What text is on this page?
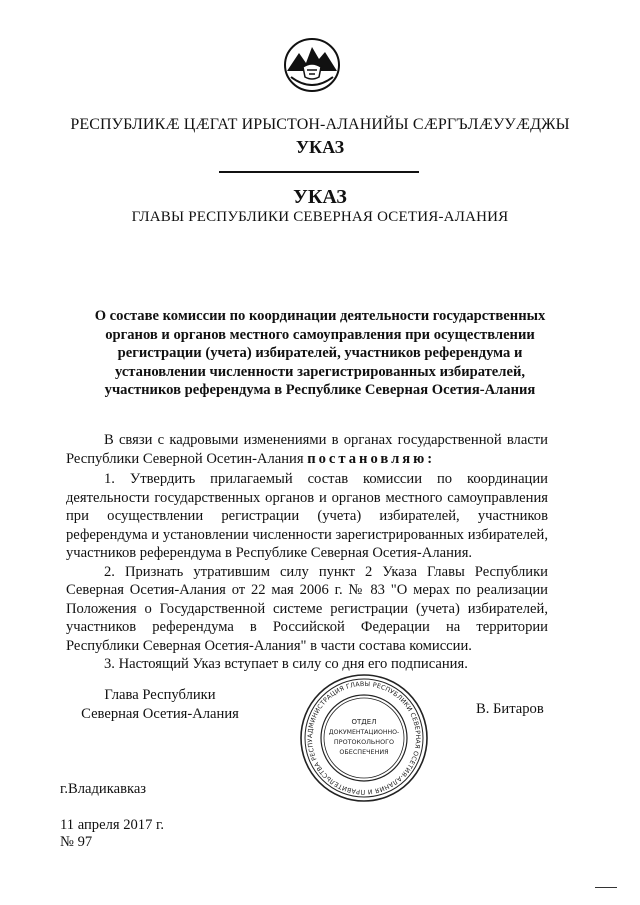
РЕСПУБЛИКӔ ЦӔГАТ ИРЫСТОН-АЛАНИЙЫ СӔРГЪЛӔУУӔДЖЫ
УКАЗ
УКАЗ
ГЛАВЫ РЕСПУБЛИКИ СЕВЕРНАЯ ОСЕТИЯ-АЛАНИЯ
О составе комиссии по координации деятельности государственных
органов и органов местного самоуправления при осуществлении
регистрации (учета) избирателей, участников референдума и
установлении численности зарегистрированных избирателей,
участников референдума в Республике Северная Осетия-Алания

В связи с кадровыми изменениями в органах государственной власти Республики Северной Осетин-Алания постановляю:

1. Утвердить прилагаемый состав комиссии по координации деятельности государственных органов и органов местного самоуправления при осуществлении регистрации (учета) избирателей, участников референдума и установлении численности зарегистрированных избирателей, участников референдума в Республике Северная Осетия-Алания.

2. Признать утратившим силу пункт 2 Указа Главы Республики Северная Осетия-Алания от 22 мая 2006 г. № 83 "О мерах по реализации Положения о Государственной системе регистрации (учета) избирателей, участников референдума в Российской Федерации на территории Республики Северная Осетия-Алания" в части состава комиссии.

3. Настоящий Указ вступает в силу со дня его подписания.

Глава Республики
Северная Осетия-Алания
АДМИНИСТРАЦИЯ ГЛАВЫ РЕСПУБЛИКИ СЕВЕРНАЯ ОСЕТИЯ-АЛАНИЯ И ПРАВИТЕЛЬСТВА РЕСПУ
ОТДЕЛ
ДОКУМЕНТАЦИОННО-
ПРОТОКОЛЬНОГО
ОБЕСПЕЧЕНИЯ
В. Битаров
г.Владикавказ
11 апреля 2017 г.
№ 97
